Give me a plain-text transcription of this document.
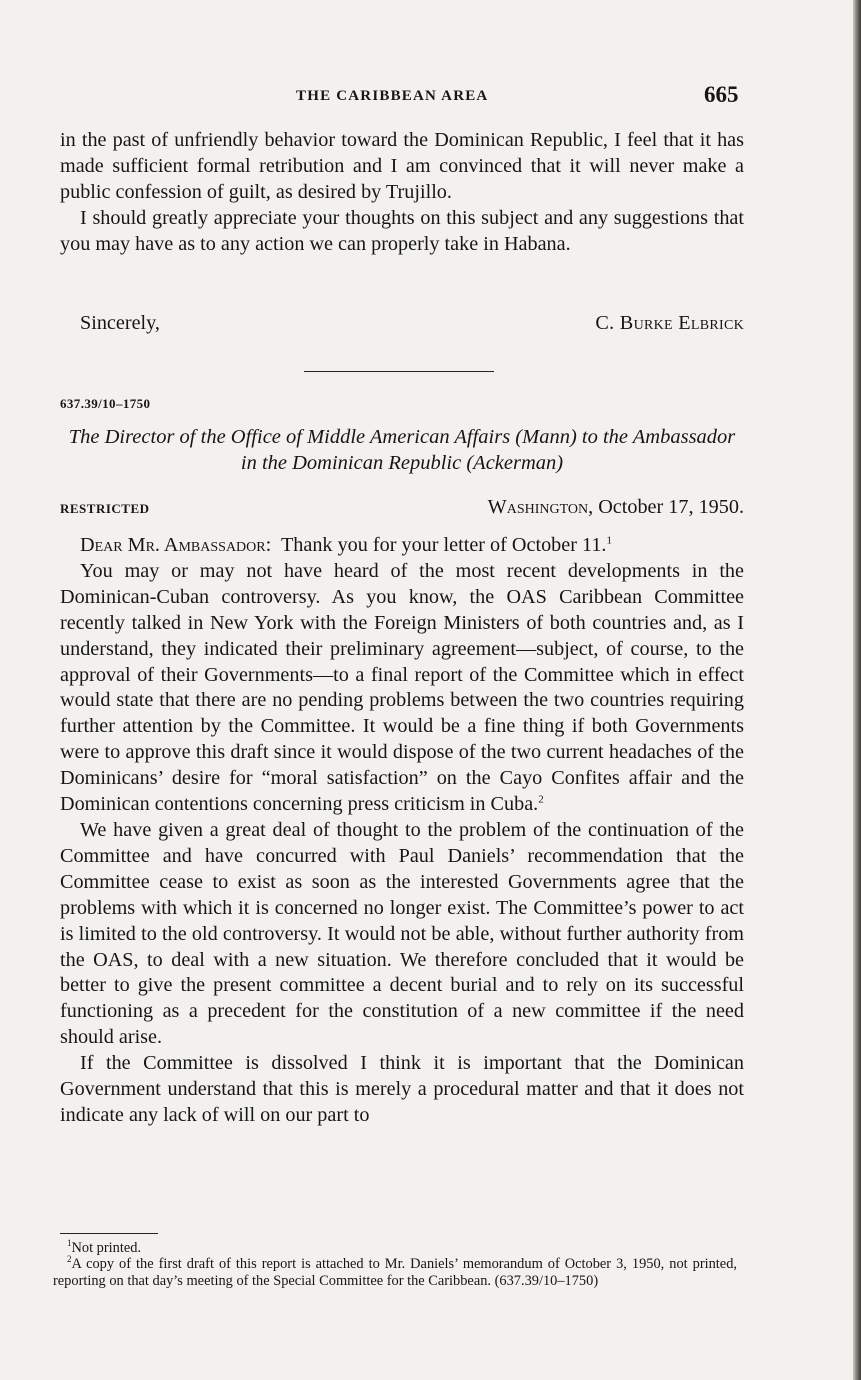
THE CARIBBEAN AREA	665

in the past of unfriendly behavior toward the Dominican Republic, I feel that it has made sufficient formal retribution and I am convinced that it will never make a public confession of guilt, as desired by Trujillo.

I should greatly appreciate your thoughts on this subject and any suggestions that you may have as to any action we can properly take in Habana.

Sincerely,	C. Burke Elbrick
637.39/10–1750
The Director of the Office of Middle American Affairs (Mann) to the Ambassador in the Dominican Republic (Ackerman)
RESTRICTED	Washington, October 17, 1950.

Dear Mr. Ambassador: Thank you for your letter of October 11.$^1$

You may or may not have heard of the most recent developments in the Dominican-Cuban controversy. As you know, the OAS Caribbean Committee recently talked in New York with the Foreign Ministers of both countries and, as I understand, they indicated their preliminary agreement—subject, of course, to the approval of their Governments—to a final report of the Committee which in effect would state that there are no pending problems between the two countries requiring further attention by the Committee. It would be a fine thing if both Governments were to approve this draft since it would dispose of the two current headaches of the Dominicans’ desire for “moral satisfaction” on the Cayo Confites affair and the Dominican contentions concerning press criticism in Cuba.$^2$

We have given a great deal of thought to the problem of the continuation of the Committee and have concurred with Paul Daniels’ recommendation that the Committee cease to exist as soon as the interested Governments agree that the problems with which it is concerned no longer exist. The Committee’s power to act is limited to the old controversy. It would not be able, without further authority from the OAS, to deal with a new situation. We therefore concluded that it would be better to give the present committee a decent burial and to rely on its successful functioning as a precedent for the constitution of a new committee if the need should arise.

If the Committee is dissolved I think it is important that the Dominican Government understand that this is merely a procedural matter and that it does not indicate any lack of will on our part to

$^1$Not printed.

$^2$A copy of the first draft of this report is attached to Mr. Daniels’ memorandum of October 3, 1950, not printed, reporting on that day’s meeting of the Special Committee for the Caribbean. (637.39/10–1750)
